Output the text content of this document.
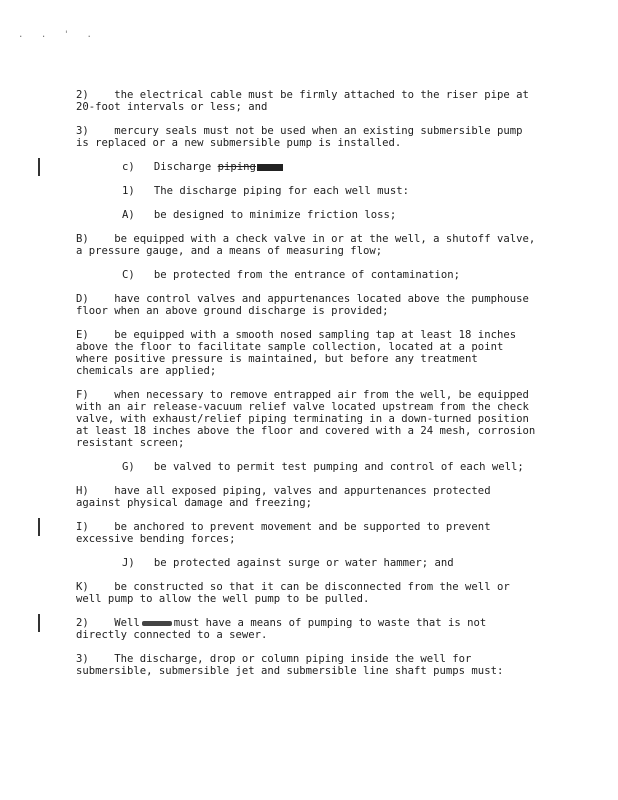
. . ' .

2)    the electrical cable must be firmly attached to the riser pipe at
20-foot intervals or less; and

3)    mercury seals must not be used when an existing submersible pump
is replaced or a new submersible pump is installed.

c)   Discharge piping

1)   The discharge piping for each well must:

A)   be designed to minimize friction loss;

B)    be equipped with a check valve in or at the well, a shutoff valve,
a pressure gauge, and a means of measuring flow;

C)   be protected from the entrance of contamination;

D)    have control valves and appurtenances located above the pumphouse
floor when an above ground discharge is provided;

E)    be equipped with a smooth nosed sampling tap at least 18 inches
above the floor to facilitate sample collection, located at a point
where positive pressure is maintained, but before any treatment
chemicals are applied;

F)    when necessary to remove entrapped air from the well, be equipped
with an air release-vacuum relief valve located upstream from the check
valve, with exhaust/relief piping terminating in a down-turned position
at least 18 inches above the floor and covered with a 24 mesh, corrosion
resistant screen;

G)   be valved to permit test pumping and control of each well;

H)    have all exposed piping, valves and appurtenances protected
against physical damage and freezing;

I)    be anchored to prevent movement and be supported to prevent
excessive bending forces;

J)   be protected against surge or water hammer; and

K)    be constructed so that it can be disconnected from the well or
well pump to allow the well pump to be pulled.

2)    Well	must have a means of pumping to waste that is not
directly connected to a sewer.

3)    The discharge, drop or column piping inside the well for
submersible, submersible jet and submersible line shaft pumps must:
